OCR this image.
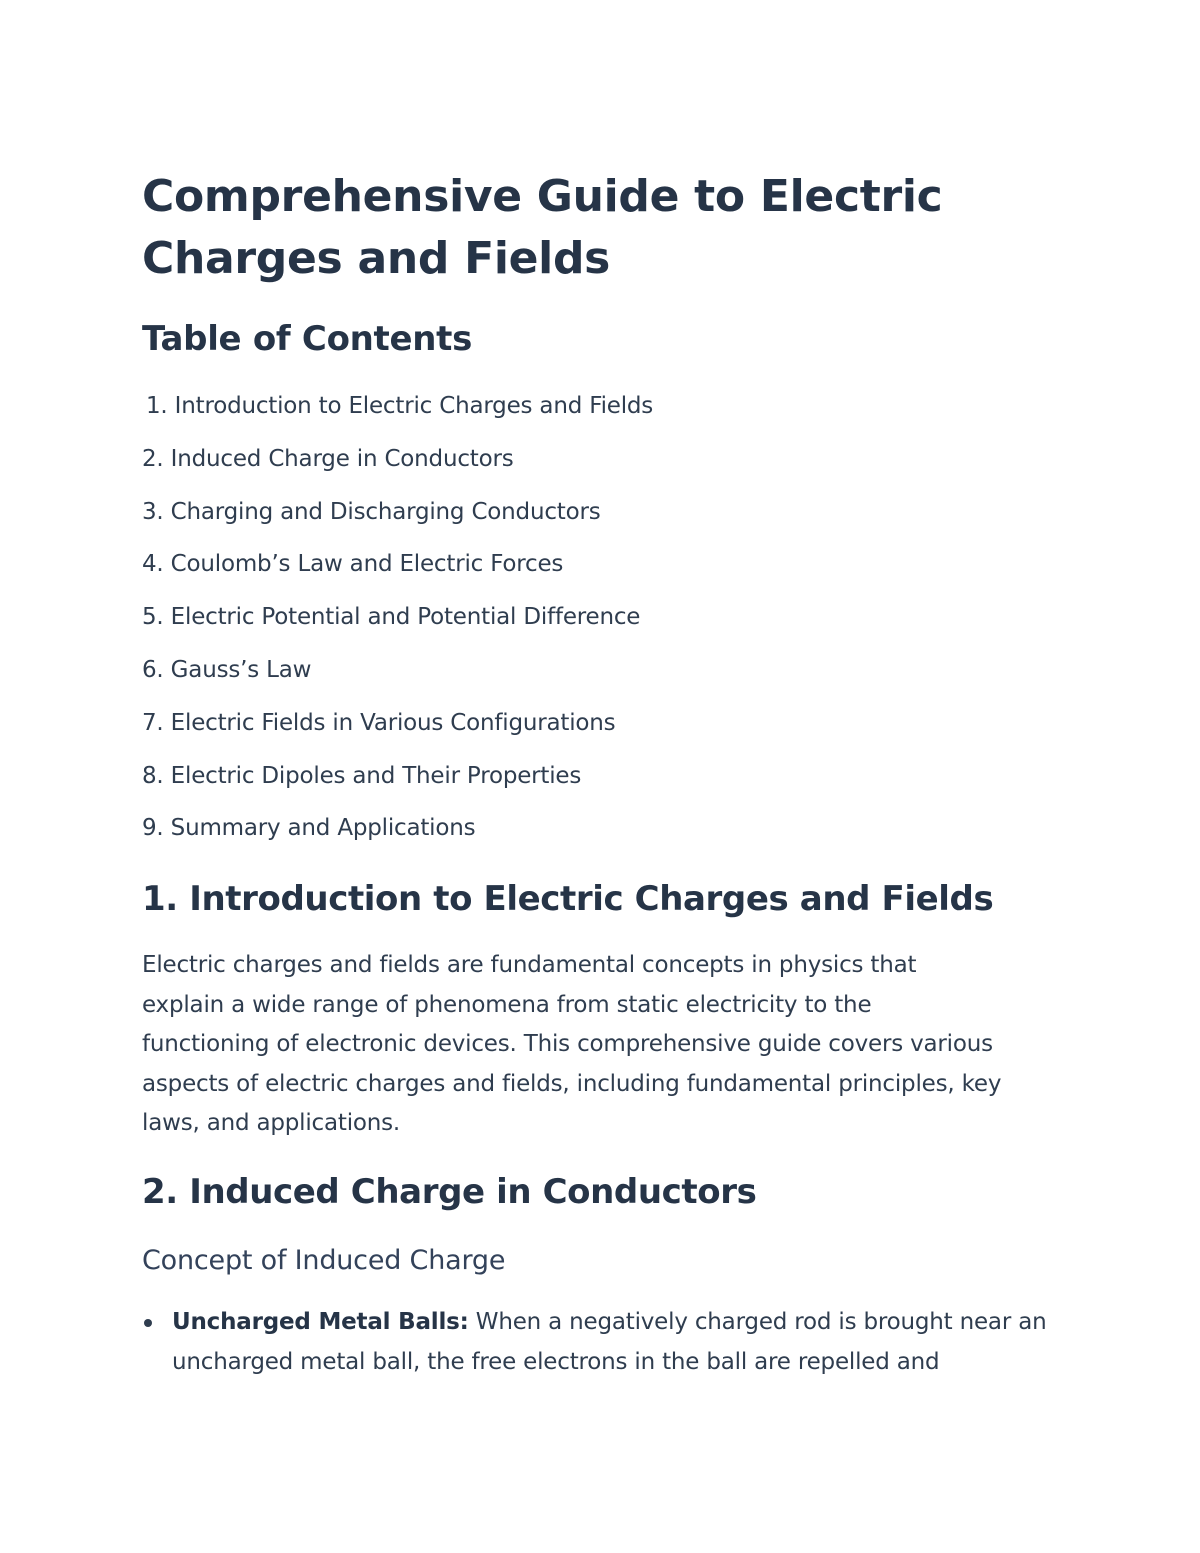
Comprehensive Guide to Electric Charges and Fields
Table of Contents
1. Introduction to Electric Charges and Fields
2. Induced Charge in Conductors
3. Charging and Discharging Conductors
4. Coulomb’s Law and Electric Forces
5. Electric Potential and Potential Difference
6. Gauss’s Law
7. Electric Fields in Various Configurations
8. Electric Dipoles and Their Properties
9. Summary and Applications
1. Introduction to Electric Charges and Fields

Electric charges and fields are fundamental concepts in physics that explain a wide range of phenomena from static electricity to the functioning of electronic devices. This comprehensive guide covers various aspects of electric charges and fields, including fundamental principles, key laws, and applications.

2. Induced Charge in Conductors
Concept of Induced Charge
Uncharged Metal Balls: When a negatively charged rod is brought near an uncharged metal ball, the free electrons in the ball are repelled and
